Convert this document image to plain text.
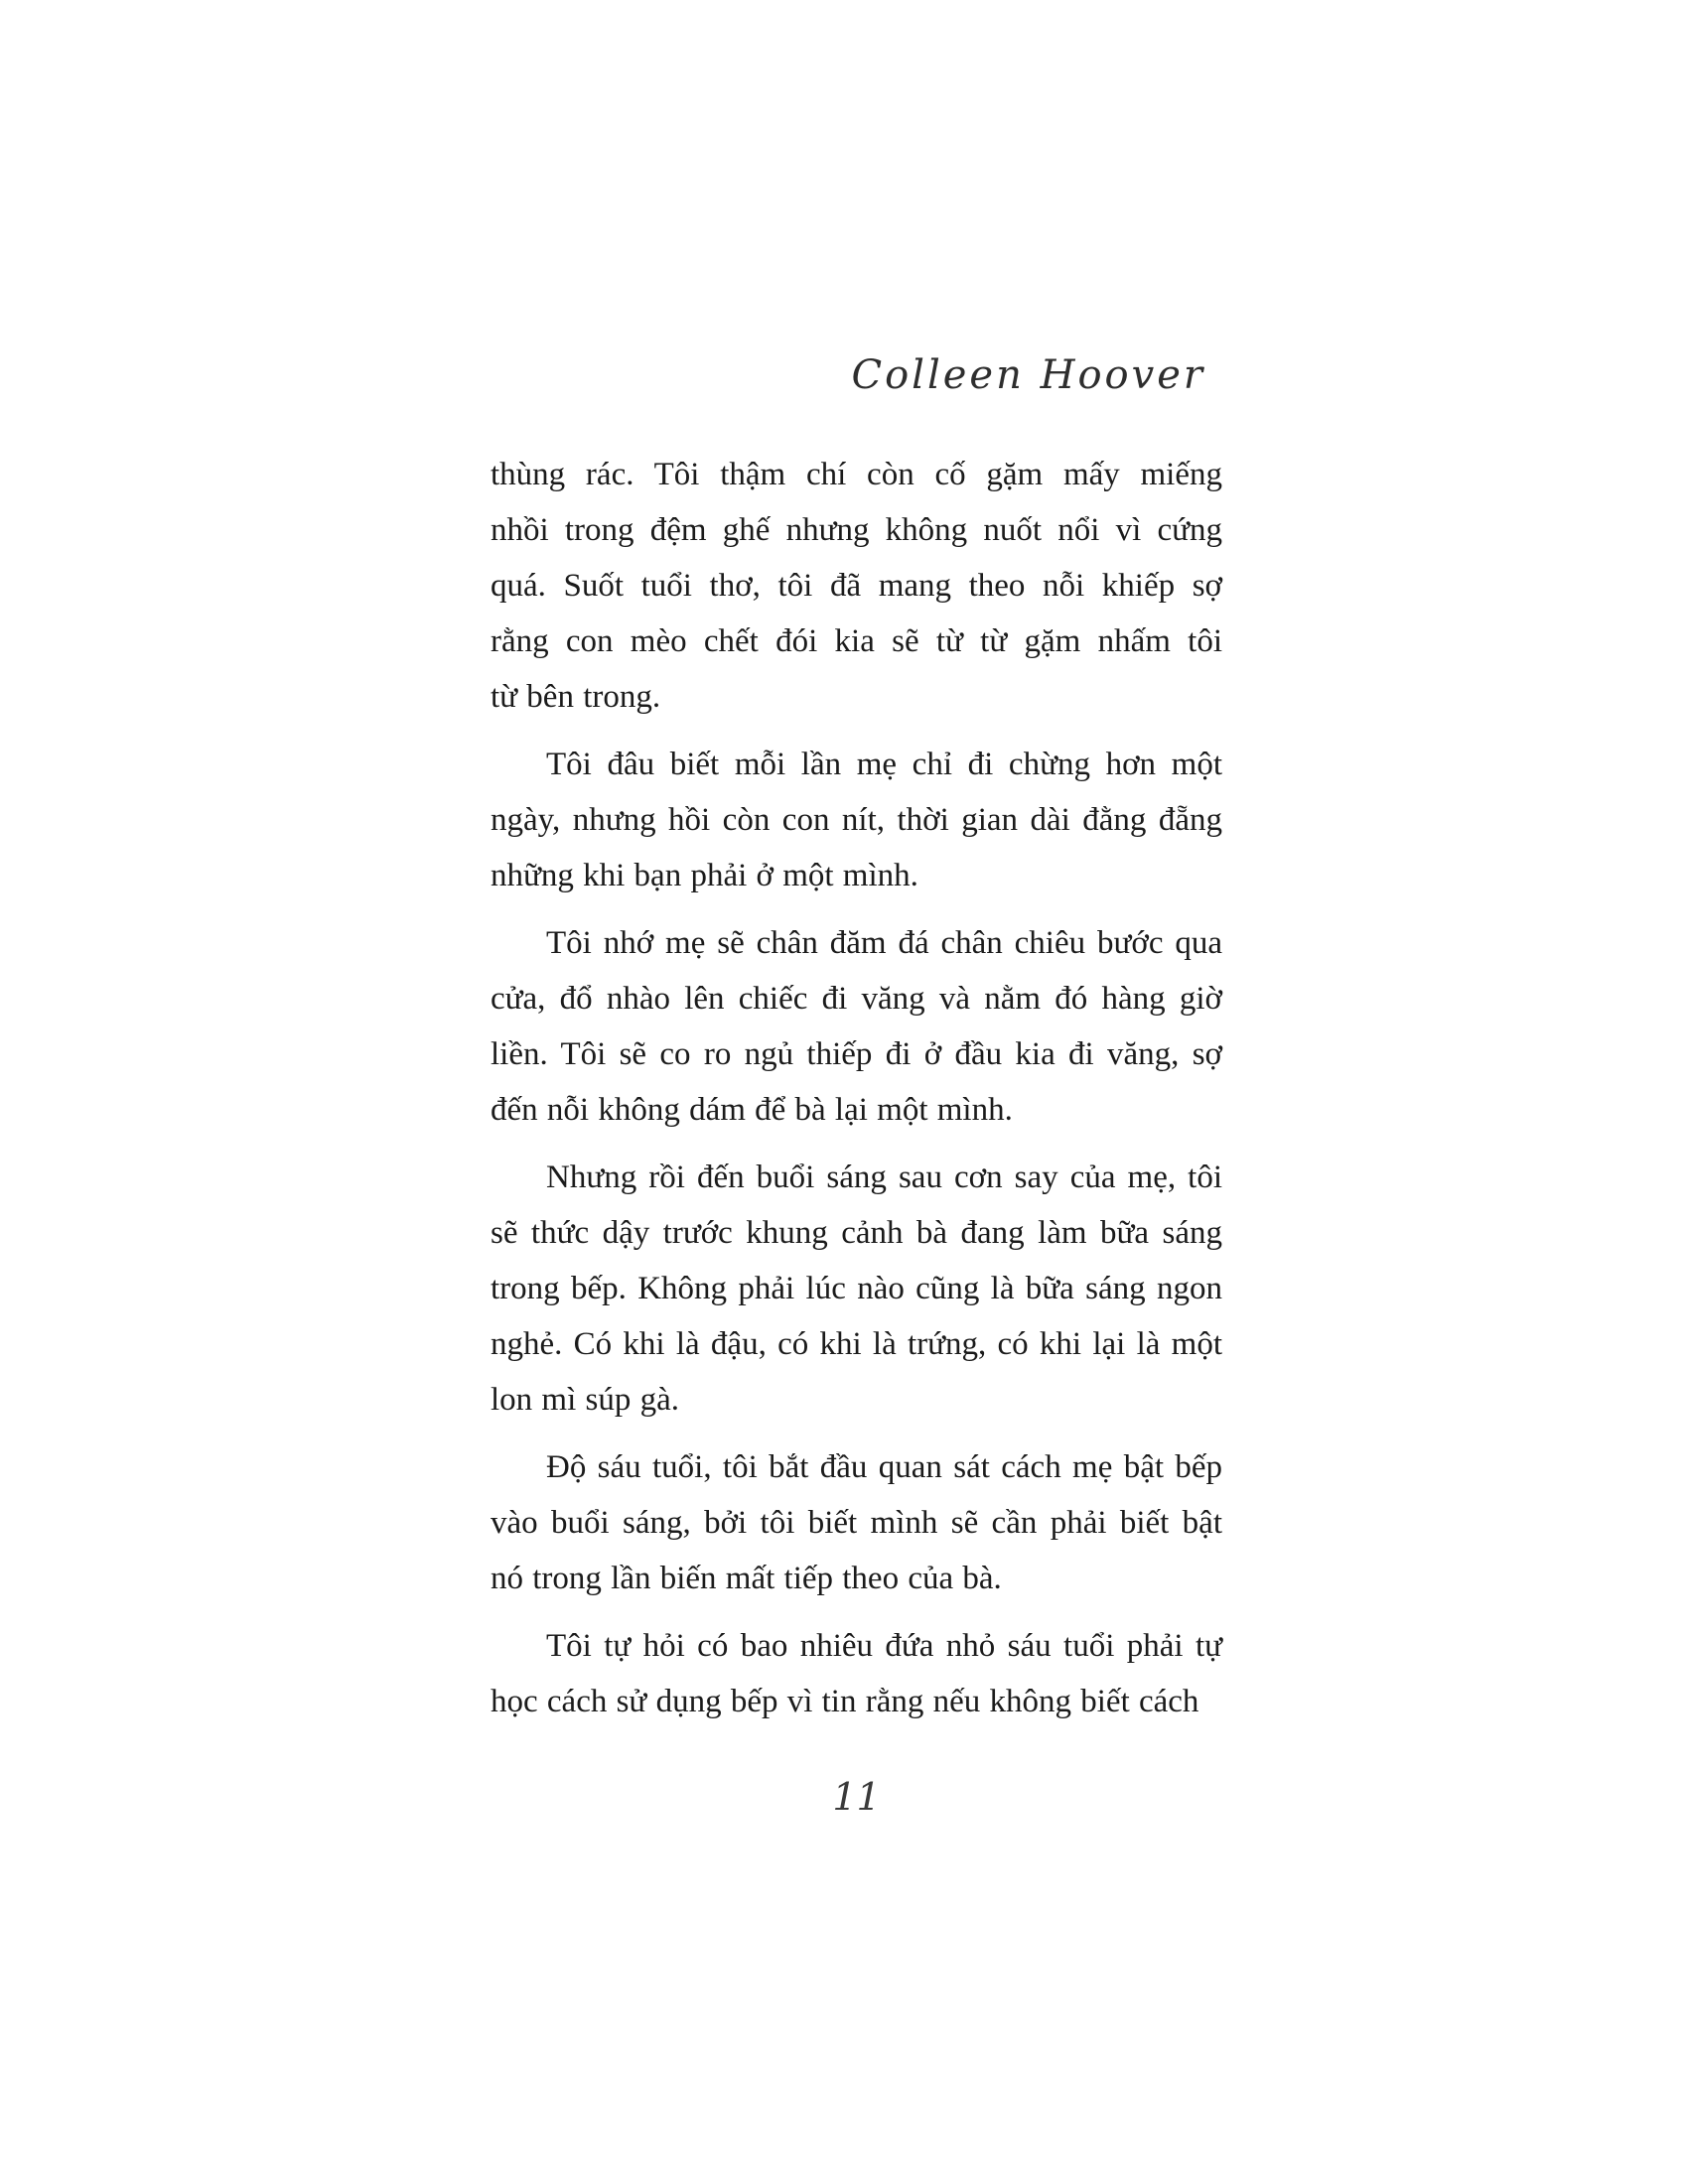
Colleen Hoover
thùng rác. Tôi thậm chí còn cố gặm mấy miếng
nhồi trong đệm ghế nhưng không nuốt nổi vì cứng
quá. Suốt tuổi thơ, tôi đã mang theo nỗi khiếp sợ
rằng con mèo chết đói kia sẽ từ từ gặm nhấm tôi
từ bên trong.
Tôi đâu biết mỗi lần mẹ chỉ đi chừng hơn một
ngày, nhưng hồi còn con nít, thời gian dài đằng đẵng
những khi bạn phải ở một mình.
Tôi nhớ mẹ sẽ chân đăm đá chân chiêu bước qua
cửa, đổ nhào lên chiếc đi văng và nằm đó hàng giờ
liền. Tôi sẽ co ro ngủ thiếp đi ở đầu kia đi văng, sợ
đến nỗi không dám để bà lại một mình.
Nhưng rồi đến buổi sáng sau cơn say của mẹ, tôi
sẽ thức dậy trước khung cảnh bà đang làm bữa sáng
trong bếp. Không phải lúc nào cũng là bữa sáng ngon
nghẻ. Có khi là đậu, có khi là trứng, có khi lại là một
lon mì súp gà.
Độ sáu tuổi, tôi bắt đầu quan sát cách mẹ bật bếp
vào buổi sáng, bởi tôi biết mình sẽ cần phải biết bật
nó trong lần biến mất tiếp theo của bà.
Tôi tự hỏi có bao nhiêu đứa nhỏ sáu tuổi phải tự
học cách sử dụng bếp vì tin rằng nếu không biết cách
11
